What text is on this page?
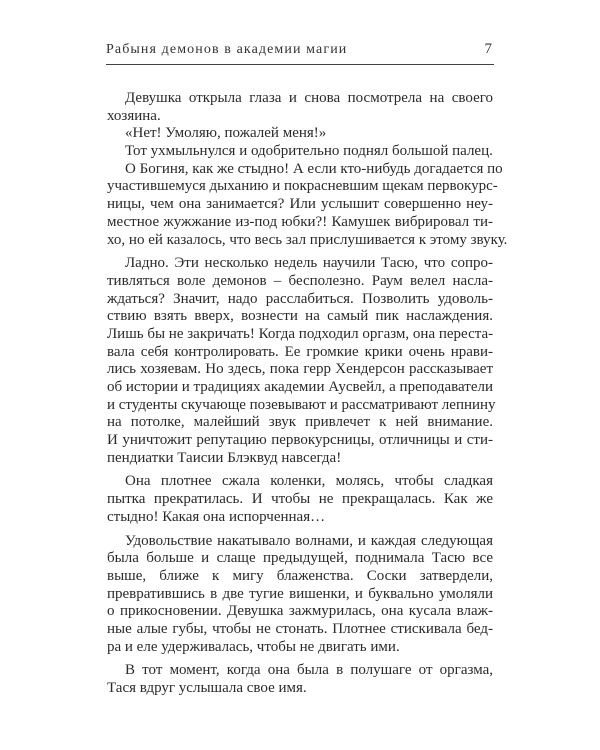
Рабыня демонов в академии магии	7
Девушка открыла глаза и снова посмотрела на своего
хозяина.
«Нет! Умоляю, пожалей меня!»
Тот ухмыльнулся и одобрительно поднял большой палец.
О Богиня, как же стыдно! А если кто-нибудь догадается по
участившемуся дыханию и покрасневшим щекам первокурс-
ницы, чем она занимается? Или услышит совершенно неу-
местное жужжание из-под юбки?! Камушек вибрировал ти-
хо, но ей казалось, что весь зал прислушивается к этому звуку.
Ладно. Эти несколько недель научили Тасю, что сопро-
тивляться воле демонов – бесполезно. Раум велел насла-
ждаться? Значит, надо расслабиться. Позволить удоволь-
ствию взять вверх, вознести на самый пик наслаждения.
Лишь бы не закричать! Когда подходил оргазм, она переста-
вала себя контролировать. Ее громкие крики очень нрави-
лись хозяевам. Но здесь, пока герр Хендерсон рассказывает
об истории и традициях академии Аусвейл, а преподаватели
и студенты скучающе позевывают и рассматривают лепнину
на потолке, малейший звук привлечет к ней внимание.
И уничтожит репутацию первокурсницы, отличницы и сти-
пендиатки Таисии Блэквуд навсегда!
Она плотнее сжала коленки, молясь, чтобы сладкая
пытка прекратилась. И чтобы не прекращалась. Как же
стыдно! Какая она испорченная…
Удовольствие накатывало волнами, и каждая следующая
была больше и слаще предыдущей, поднимала Тасю все
выше, ближе к мигу блаженства. Соски затвердели,
превратившись в две тугие вишенки, и буквально умоляли
о прикосновении. Девушка зажмурилась, она кусала влаж-
ные алые губы, чтобы не стонать. Плотнее стискивала бед-
ра и еле удерживалась, чтобы не двигать ими.
В тот момент, когда она была в полушаге от оргазма,
Тася вдруг услышала свое имя.
